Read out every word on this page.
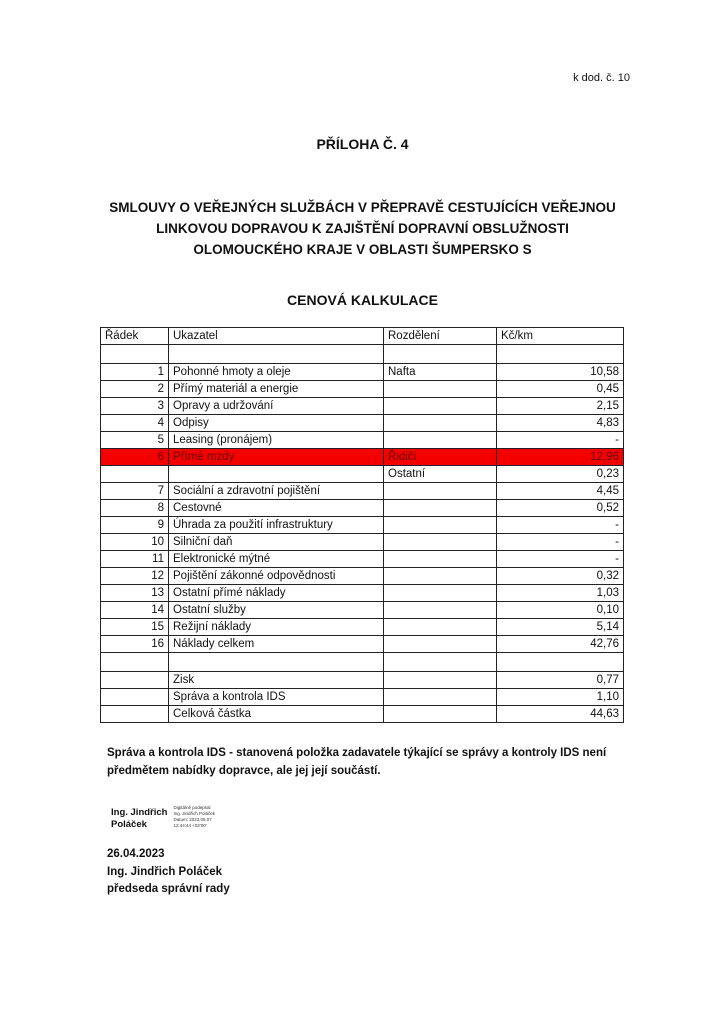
k dod. č. 10
PŘÍLOHA Č. 4
SMLOUVY O VEŘEJNÝCH SLUŽBÁCH V PŘEPRAVĚ CESTUJÍCÍCH VEŘEJNOU
LINKOVOU DOPRAVOU K ZAJIŠTĚNÍ DOPRAVNÍ OBSLUŽNOSTI
OLOMOUCKÉHO KRAJE V OBLASTI ŠUMPERSKO S
CENOVÁ KALKULACE
Řádek	Ukazatel	Rozdělení	Kč/km

1	Pohonné hmoty a oleje	Nafta	10,58
2	Přímý materiál a energie		0,45
3	Opravy a udržování		2,15
4	Odpisy		4,83
5	Leasing (pronájem)		-
6	Přímé mzdy	Řidiči	12,96
		Ostatní	0,23
7	Sociální a zdravotní pojištění		4,45
8	Cestovné		0,52
9	Úhrada za použití infrastruktury		-
10	Silniční daň		-
11	Elektronické mýtné		-
12	Pojištění zákonné odpovědnosti		0,32
13	Ostatní přímé náklady		1,03
14	Ostatní služby		0,10
15	Režijní náklady		5,14
16	Náklady celkem		42,76

	Zisk		0,77
	Správa a kontrola IDS		1,10
	Celková částka		44,63
Správa a kontrola IDS - stanovená položka zadavatele týkající se správy a kontroly IDS není
předmětem nabídky dopravce, ale jej její součástí.
Ing. Jindřich
Poláček
Digitálně podepsal
Ing. Jindřich Poláček
Datum: 2023.05.07
12:44:44 +02'00'
26.04.2023
Ing. Jindřich Poláček
předseda správní rady
